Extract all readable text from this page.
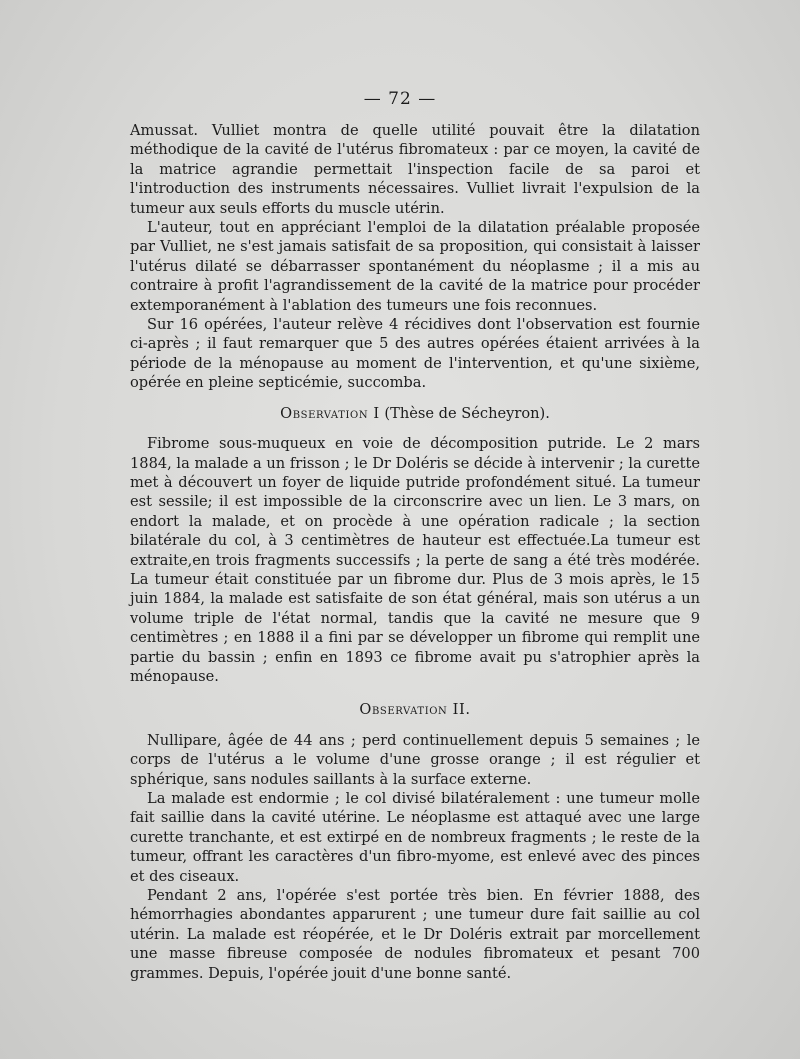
— 72 —

Amussat. Vulliet montra de quelle utilité pouvait être la dilatation méthodique de la cavité de l'utérus fibromateux : par ce moyen, la cavité de la matrice agrandie permettait l'inspection facile de sa paroi et l'introduction des instruments nécessaires. Vulliet livrait l'expulsion de la tumeur aux seuls efforts du muscle utérin.

L'auteur, tout en appréciant l'emploi de la dilatation préalable proposée par Vulliet, ne s'est jamais satisfait de sa proposition, qui consistait à laisser l'utérus dilaté se débarrasser spontanément du néoplasme ; il a mis au contraire à profit l'agrandissement de la cavité de la matrice pour procéder extemporanément à l'ablation des tumeurs une fois reconnues.

Sur 16 opérées, l'auteur relève 4 récidives dont l'observation est fournie ci-après ; il faut remarquer que 5 des autres opérées étaient arrivées à la période de la ménopause au moment de l'intervention, et qu'une sixième, opérée en pleine septicémie, succomba.

Observation I (Thèse de Sécheyron).

Fibrome sous-muqueux en voie de décomposition putride. Le 2 mars 1884, la malade a un frisson ; le Dr Doléris se décide à intervenir ; la curette met à découvert un foyer de liquide putride profondément situé. La tumeur est sessile; il est impossible de la circonscrire avec un lien. Le 3 mars, on endort la malade, et on procède à une opération radicale ; la section bilatérale du col, à 3 centimètres de hauteur est effectuée.La tumeur est extraite,en trois fragments successifs ; la perte de sang a été très modérée. La tumeur était constituée par un fibrome dur. Plus de 3 mois après, le 15 juin 1884, la malade est satisfaite de son état général, mais son utérus a un volume triple de l'état normal, tandis que la cavité ne mesure que 9 centimètres ; en 1888 il a fini par se développer un fibrome qui remplit une partie du bassin ; enfin en 1893 ce fibrome avait pu s'atrophier après la ménopause.

Observation II.

Nullipare, âgée de 44 ans ; perd continuellement depuis 5 semaines ; le corps de l'utérus a le volume d'une grosse orange ; il est régulier et sphérique, sans nodules saillants à la surface externe.

La malade est endormie ; le col divisé bilatéralement : une tumeur molle fait saillie dans la cavité utérine. Le néoplasme est attaqué avec une large curette tranchante, et est extirpé en de nombreux fragments ; le reste de la tumeur, offrant les caractères d'un fibro-myome, est enlevé avec des pinces et des ciseaux.

Pendant 2 ans, l'opérée s'est portée très bien. En février 1888, des hémorrhagies abondantes apparurent ; une tumeur dure fait saillie au col utérin. La malade est réopérée, et le Dr Doléris extrait par morcellement une masse fibreuse composée de nodules fibromateux et pesant 700 grammes. Depuis, l'opérée jouit d'une bonne santé.
